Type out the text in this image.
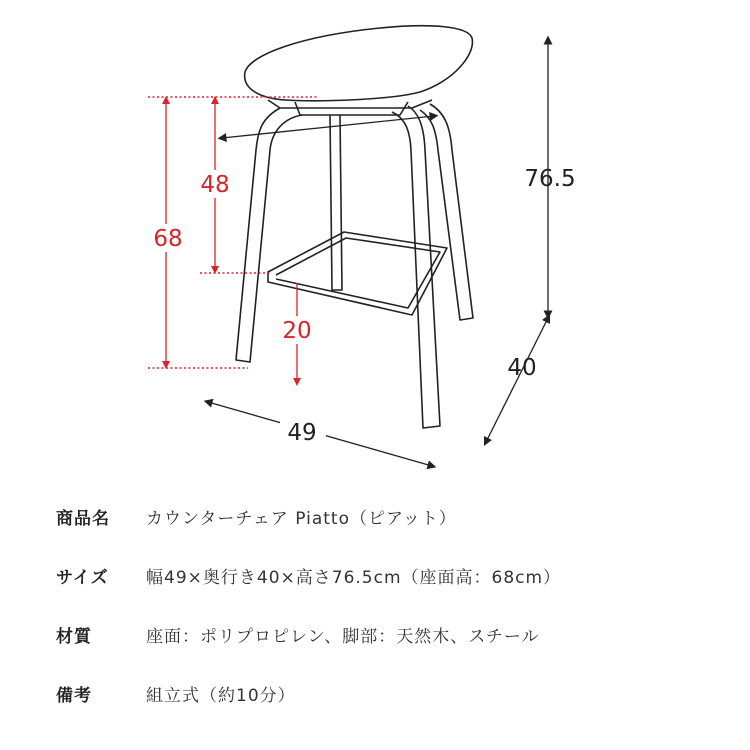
68
48
20
76.5
40
49
商品名	カウンターチェア Piatto（ピアット）
サイズ	幅49×奥行き40×高さ76.5cm（座面高：68cm）
材質	座面：ポリプロピレン、脚部：天然木、スチール
備考	組立式（約10分）
